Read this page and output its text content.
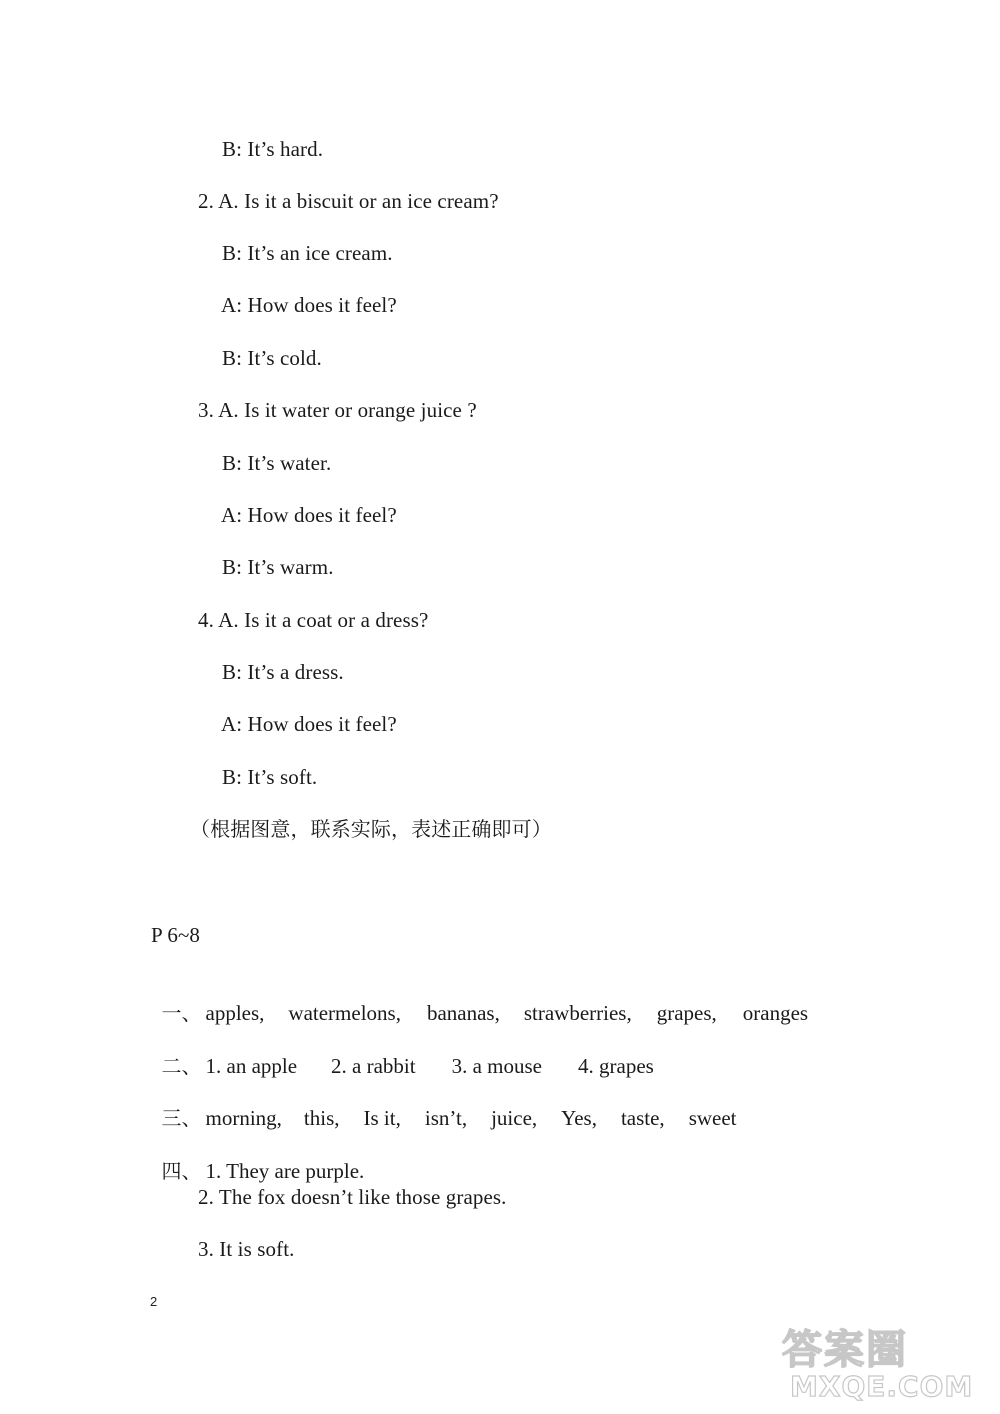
B: It’s hard.
2. A. Is it a biscuit or an ice cream?
B: It’s an ice cream.
A: How does it feel?
B: It’s cold.
3. A. Is it water or orange juice ?
B: It’s water.
A: How does it feel?
B: It’s warm.
4. A. Is it a coat or a dress?
B: It’s a dress.
A: How does it feel?
B: It’s soft.
（根据图意，联系实际，表述正确即可）
P 6~8

一、 apples, watermelons, bananas, strawberries, grapes, oranges

二、 1. an apple 2. a rabbit 3. a mouse 4. grapes

三、 morning, this, Is it, isn’t, juice, Yes, taste, sweet

四、 1. They are purple.

2. The fox doesn’t like those grapes.
3. It is soft.
2
答案圈
MXQE.COM
